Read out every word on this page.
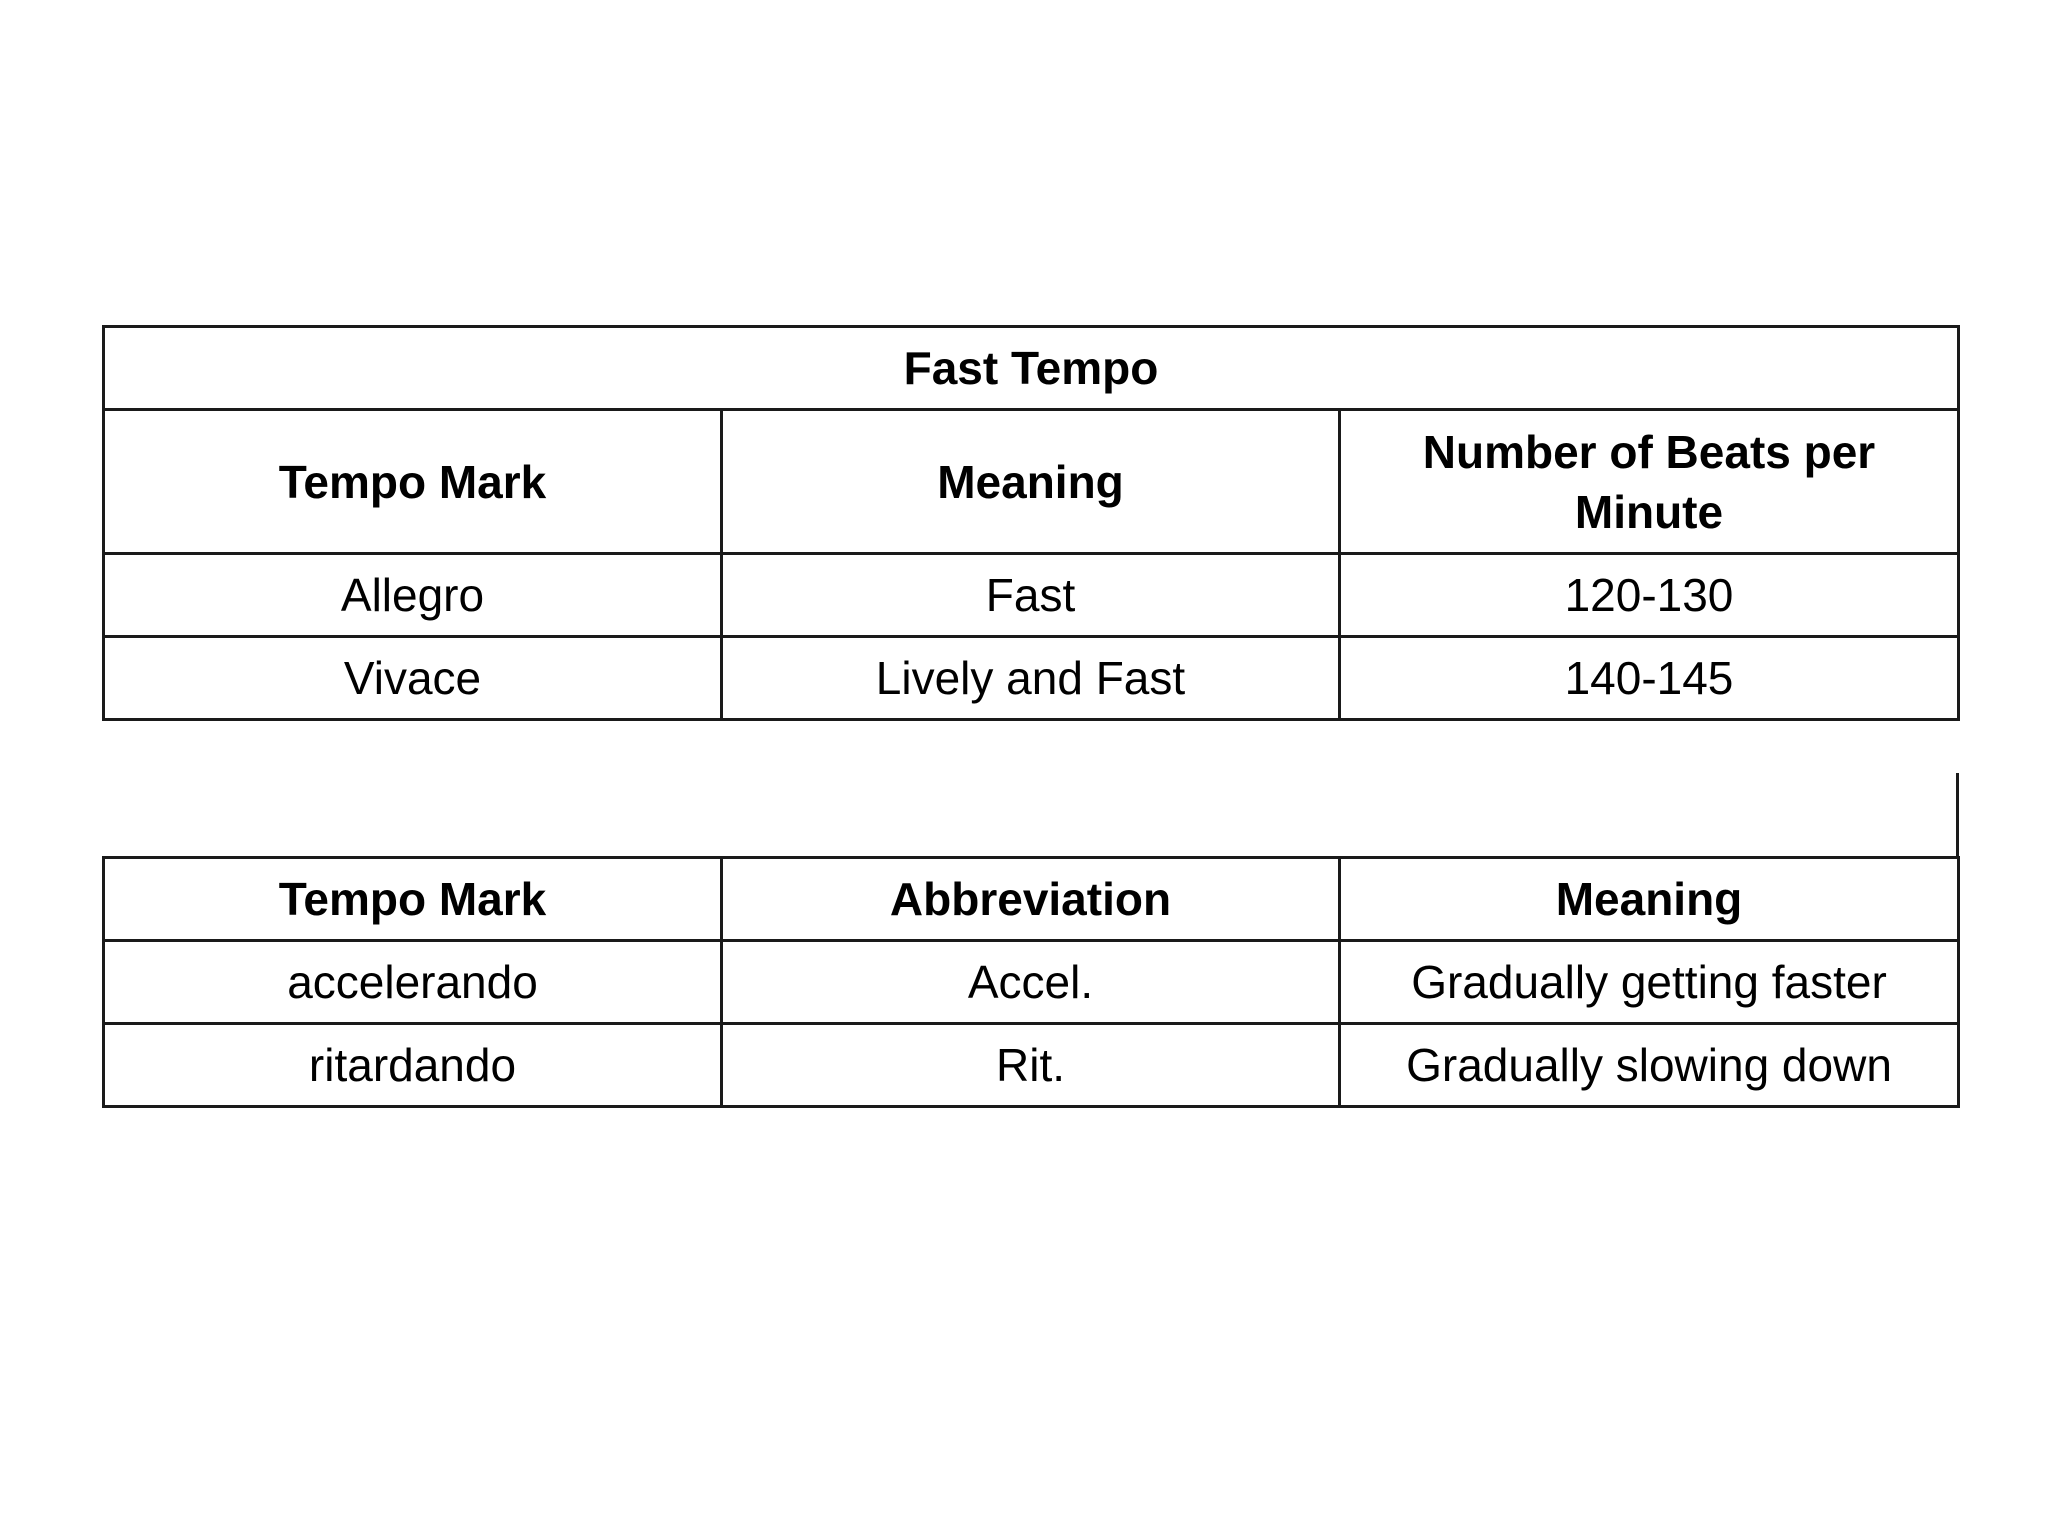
Fast Tempo		
Tempo Mark	Meaning	Number of Beats per Minute
Allegro	Fast	120-130
Vivace	Lively and Fast	140-145
Tempo Mark	Abbreviation	Meaning
accelerando	Accel.	Gradually getting faster
ritardando	Rit.	Gradually slowing down
